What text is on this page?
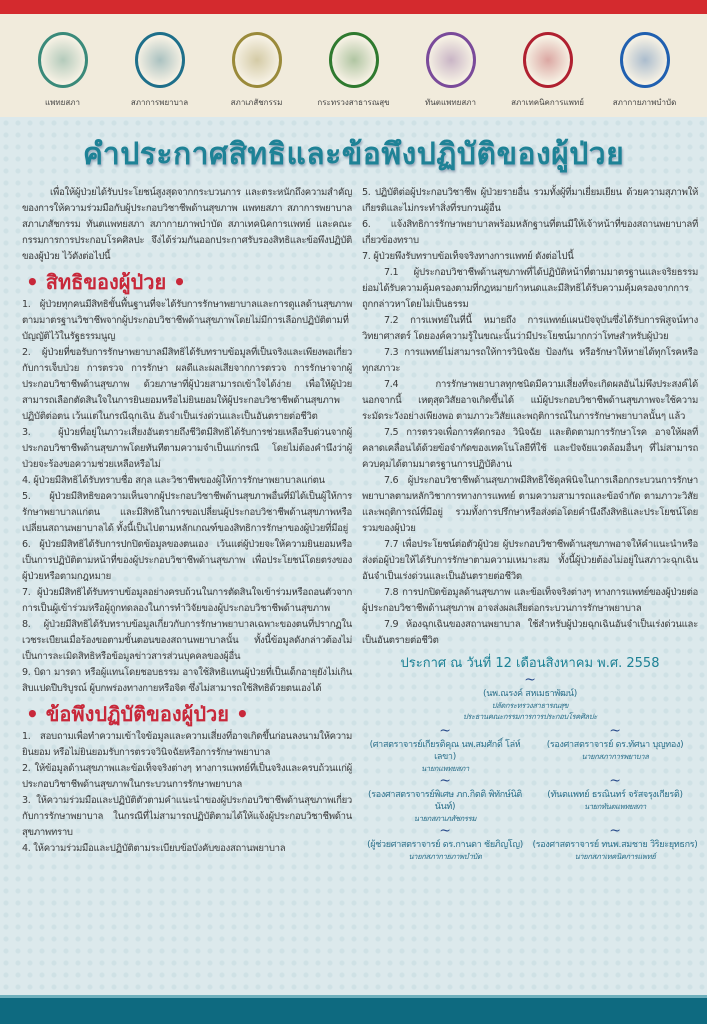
แพทยสภา	สภาการพยาบาล	สภาเภสัชกรรม	กระทรวงสาธารณสุข	ทันตแพทยสภา	สภาเทคนิคการแพทย์	สภากายภาพบำบัด
คำประกาศสิทธิและข้อพึงปฏิบัติของผู้ป่วย

เพื่อให้ผู้ป่วยได้รับประโยชน์สูงสุดจากกระบวนการ และตระหนักถึงความสำคัญของการให้ความร่วมมือกับผู้ประกอบวิชาชีพด้านสุขภาพ แพทยสภา สภาการพยาบาล สภาเภสัชกรรม ทันตแพทยสภา สภากายภาพบำบัด สภาเทคนิคการแพทย์ และคณะกรรมการการประกอบโรคศิลปะ จึงได้ร่วมกันออกประกาศรับรองสิทธิและข้อพึงปฏิบัติของผู้ป่วย ไว้ดังต่อไปนี้

• สิทธิของผู้ป่วย •

1. ผู้ป่วยทุกคนมีสิทธิขั้นพื้นฐานที่จะได้รับการรักษาพยาบาลและการดูแลด้านสุขภาพตามมาตรฐานวิชาชีพจากผู้ประกอบวิชาชีพด้านสุขภาพโดยไม่มีการเลือกปฏิบัติตามที่บัญญัติไว้ในรัฐธรรมนูญ

2. ผู้ป่วยที่ขอรับการรักษาพยาบาลมีสิทธิได้รับทราบข้อมูลที่เป็นจริงและเพียงพอเกี่ยวกับการเจ็บป่วย การตรวจ การรักษา ผลดีและผลเสียจากการตรวจ การรักษาจากผู้ประกอบวิชาชีพด้านสุขภาพ ด้วยภาษาที่ผู้ป่วยสามารถเข้าใจได้ง่าย เพื่อให้ผู้ป่วยสามารถเลือกตัดสินใจในการยินยอมหรือไม่ยินยอมให้ผู้ประกอบวิชาชีพด้านสุขภาพปฏิบัติต่อตน เว้นแต่ในกรณีฉุกเฉิน อันจำเป็นเร่งด่วนและเป็นอันตรายต่อชีวิต

3. ผู้ป่วยที่อยู่ในภาวะเสี่ยงอันตรายถึงชีวิตมีสิทธิได้รับการช่วยเหลือรีบด่วนจากผู้ประกอบวิชาชีพด้านสุขภาพโดยทันทีตามความจำเป็นแก่กรณี โดยไม่ต้องคำนึงว่าผู้ป่วยจะร้องขอความช่วยเหลือหรือไม่

4. ผู้ป่วยมีสิทธิได้รับทราบชื่อ สกุล และวิชาชีพของผู้ให้การรักษาพยาบาลแก่ตน

5. ผู้ป่วยมีสิทธิขอความเห็นจากผู้ประกอบวิชาชีพด้านสุขภาพอื่นที่มิได้เป็นผู้ให้การรักษาพยาบาลแก่ตน และมีสิทธิในการขอเปลี่ยนผู้ประกอบวิชาชีพด้านสุขภาพหรือเปลี่ยนสถานพยาบาลได้ ทั้งนี้เป็นไปตามหลักเกณฑ์ของสิทธิการรักษาของผู้ป่วยที่มีอยู่

6. ผู้ป่วยมีสิทธิได้รับการปกปิดข้อมูลของตนเอง เว้นแต่ผู้ป่วยจะให้ความยินยอมหรือเป็นการปฏิบัติตามหน้าที่ของผู้ประกอบวิชาชีพด้านสุขภาพ เพื่อประโยชน์โดยตรงของผู้ป่วยหรือตามกฎหมาย

7. ผู้ป่วยมีสิทธิได้รับทราบข้อมูลอย่างครบถ้วนในการตัดสินใจเข้าร่วมหรือถอนตัวจากการเป็นผู้เข้าร่วมหรือผู้ถูกทดลองในการทำวิจัยของผู้ประกอบวิชาชีพด้านสุขภาพ

8. ผู้ป่วยมีสิทธิได้รับทราบข้อมูลเกี่ยวกับการรักษาพยาบาลเฉพาะของตนที่ปรากฏในเวชระเบียนเมื่อร้องขอตามขั้นตอนของสถานพยาบาลนั้น ทั้งนี้ข้อมูลดังกล่าวต้องไม่เป็นการละเมิดสิทธิหรือข้อมูลข่าวสารส่วนบุคคลของผู้อื่น

9. บิดา มารดา หรือผู้แทนโดยชอบธรรม อาจใช้สิทธิแทนผู้ป่วยที่เป็นเด็กอายุยังไม่เกินสิบแปดปีบริบูรณ์ ผู้บกพร่องทางกายหรือจิต ซึ่งไม่สามารถใช้สิทธิด้วยตนเองได้

• ข้อพึงปฏิบัติของผู้ป่วย •

1. สอบถามเพื่อทำความเข้าใจข้อมูลและความเสี่ยงที่อาจเกิดขึ้นก่อนลงนามให้ความยินยอม หรือไม่ยินยอมรับการตรวจวินิจฉัยหรือการรักษาพยาบาล

2. ให้ข้อมูลด้านสุขภาพและข้อเท็จจริงต่างๆ ทางการแพทย์ที่เป็นจริงและครบถ้วนแก่ผู้ประกอบวิชาชีพด้านสุขภาพในกระบวนการรักษาพยาบาล

3. ให้ความร่วมมือและปฏิบัติตัวตามคำแนะนำของผู้ประกอบวิชาชีพด้านสุขภาพเกี่ยวกับการรักษาพยาบาล ในกรณีที่ไม่สามารถปฏิบัติตามได้ให้แจ้งผู้ประกอบวิชาชีพด้านสุขภาพทราบ

4. ให้ความร่วมมือและปฏิบัติตามระเบียบข้อบังคับของสถานพยาบาล

5. ปฏิบัติต่อผู้ประกอบวิชาชีพ ผู้ป่วยรายอื่น รวมทั้งผู้ที่มาเยี่ยมเยียน ด้วยความสุภาพให้เกียรติและไม่กระทำสิ่งที่รบกวนผู้อื่น

6. แจ้งสิทธิการรักษาพยาบาลพร้อมหลักฐานที่ตนมีให้เจ้าหน้าที่ของสถานพยาบาลที่เกี่ยวข้องทราบ

7. ผู้ป่วยพึงรับทราบข้อเท็จจริงทางการแพทย์ ดังต่อไปนี้

7.1 ผู้ประกอบวิชาชีพด้านสุขภาพที่ได้ปฏิบัติหน้าที่ตามมาตรฐานและจริยธรรม ย่อมได้รับความคุ้มครองตามที่กฎหมายกำหนดและมีสิทธิได้รับความคุ้มครองจากการถูกกล่าวหาโดยไม่เป็นธรรม

7.2 การแพทย์ในที่นี้ หมายถึง การแพทย์แผนปัจจุบันซึ่งได้รับการพิสูจน์ทางวิทยาศาสตร์ โดยองค์ความรู้ในขณะนั้นว่ามีประโยชน์มากกว่าโทษสำหรับผู้ป่วย

7.3 การแพทย์ไม่สามารถให้การวินิจฉัย ป้องกัน หรือรักษาให้หายได้ทุกโรคหรือทุกสภาวะ

7.4 การรักษาพยาบาลทุกชนิดมีความเสี่ยงที่จะเกิดผลอันไม่พึงประสงค์ได้ นอกจากนี้ เหตุสุดวิสัยอาจเกิดขึ้นได้ แม้ผู้ประกอบวิชาชีพด้านสุขภาพจะใช้ความระมัดระวังอย่างเพียงพอ ตามภาวะวิสัยและพฤติการณ์ในการรักษาพยาบาลนั้นๆ แล้ว

7.5 การตรวจเพื่อการคัดกรอง วินิจฉัย และติดตามการรักษาโรค อาจให้ผลที่คลาดเคลื่อนได้ด้วยข้อจำกัดของเทคโนโลยีที่ใช้ และปัจจัยแวดล้อมอื่นๆ ที่ไม่สามารถควบคุมได้ตามมาตรฐานการปฏิบัติงาน

7.6 ผู้ประกอบวิชาชีพด้านสุขภาพมีสิทธิใช้ดุลพินิจในการเลือกกระบวนการรักษาพยาบาลตามหลักวิชาการทางการแพทย์ ตามความสามารถและข้อจำกัด ตามภาวะวิสัยและพฤติการณ์ที่มีอยู่ รวมทั้งการปรึกษาหรือส่งต่อโดยคำนึงถึงสิทธิและประโยชน์โดยรวมของผู้ป่วย

7.7 เพื่อประโยชน์ต่อตัวผู้ป่วย ผู้ประกอบวิชาชีพด้านสุขภาพอาจให้คำแนะนำหรือส่งต่อผู้ป่วยให้ได้รับการรักษาตามความเหมาะสม ทั้งนี้ผู้ป่วยต้องไม่อยู่ในสภาวะฉุกเฉินอันจำเป็นเร่งด่วนและเป็นอันตรายต่อชีวิต

7.8 การปกปิดข้อมูลด้านสุขภาพ และข้อเท็จจริงต่างๆ ทางการแพทย์ของผู้ป่วยต่อผู้ประกอบวิชาชีพด้านสุขภาพ อาจส่งผลเสียต่อกระบวนการรักษาพยาบาล

7.9 ห้องฉุกเฉินของสถานพยาบาล ใช้สำหรับผู้ป่วยฉุกเฉินอันจำเป็นเร่งด่วนและเป็นอันตรายต่อชีวิต

ประกาศ ณ วันที่ 12 เดือนสิงหาคม พ.ศ. 2558

~
(นพ.ณรงค์ สหเมธาพัฒน์)
ปลัดกระทรวงสาธารณสุข
ประธานคณะกรรมการการประกอบโรคศิลปะ
~
(ศาสตราจารย์เกียรติคุณ นพ.สมศักดิ์ โล่ห์เลขา)
นายกแพทยสภา
~
(รองศาสตราจารย์ ดร.ทัศนา บุญทอง)
นายกสภาการพยาบาล
~
(รองศาสตราจารย์พิเศษ ภก.กิตติ พิทักษ์นิตินันท์)
นายกสภาเภสัชกรรม
~
(ทันตแพทย์ ธรณินทร์ จรัสจรุงเกียรติ)
นายกทันตแพทยสภา
~
(ผู้ช่วยศาสตราจารย์ ดร.กานดา ชัยภิญโญ)
นายกสภากายภาพบำบัด
~
(รองศาสตราจารย์ ทนพ.สมชาย วิริยะยุทธกร)
นายกสภาเทคนิคการแพทย์
